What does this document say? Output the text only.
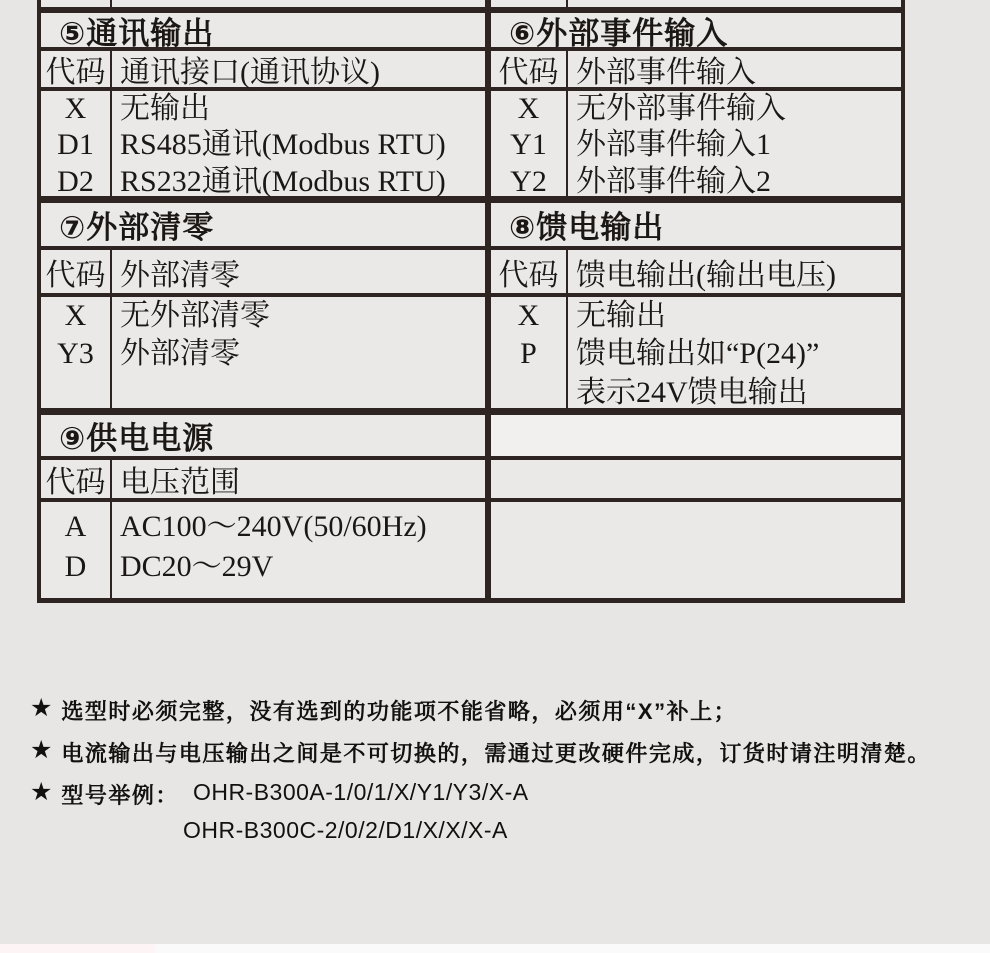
⑤通讯输出
代码 通讯接口(通讯协议)
X
D1
D2
无输出
RS485通讯(Modbus RTU)
RS232通讯(Modbus RTU)
⑦外部清零
代码 外部清零
X
Y3
无外部清零
外部清零
⑨供电电源
代码 电压范围
A
D
AC100～240V(50/60Hz)
DC20～29V
⑥外部事件输入
代码 外部事件输入
X
Y1
Y2
无外部事件输入
外部事件输入1
外部事件输入2
⑧馈电输出
代码 馈电输出(输出电压)
X
P
无输出
馈电输出如“P(24)”
表示24V馈电输出
★ 选型时必须完整，没有选到的功能项不能省略，必须用“X”补上；
★ 电流输出与电压输出之间是不可切换的，需通过更改硬件完成，订货时请注明清楚。
★ 型号举例： OHR-B300A-1/0/1/X/Y1/Y3/X-A
OHR-B300C-2/0/2/D1/X/X/X-A
